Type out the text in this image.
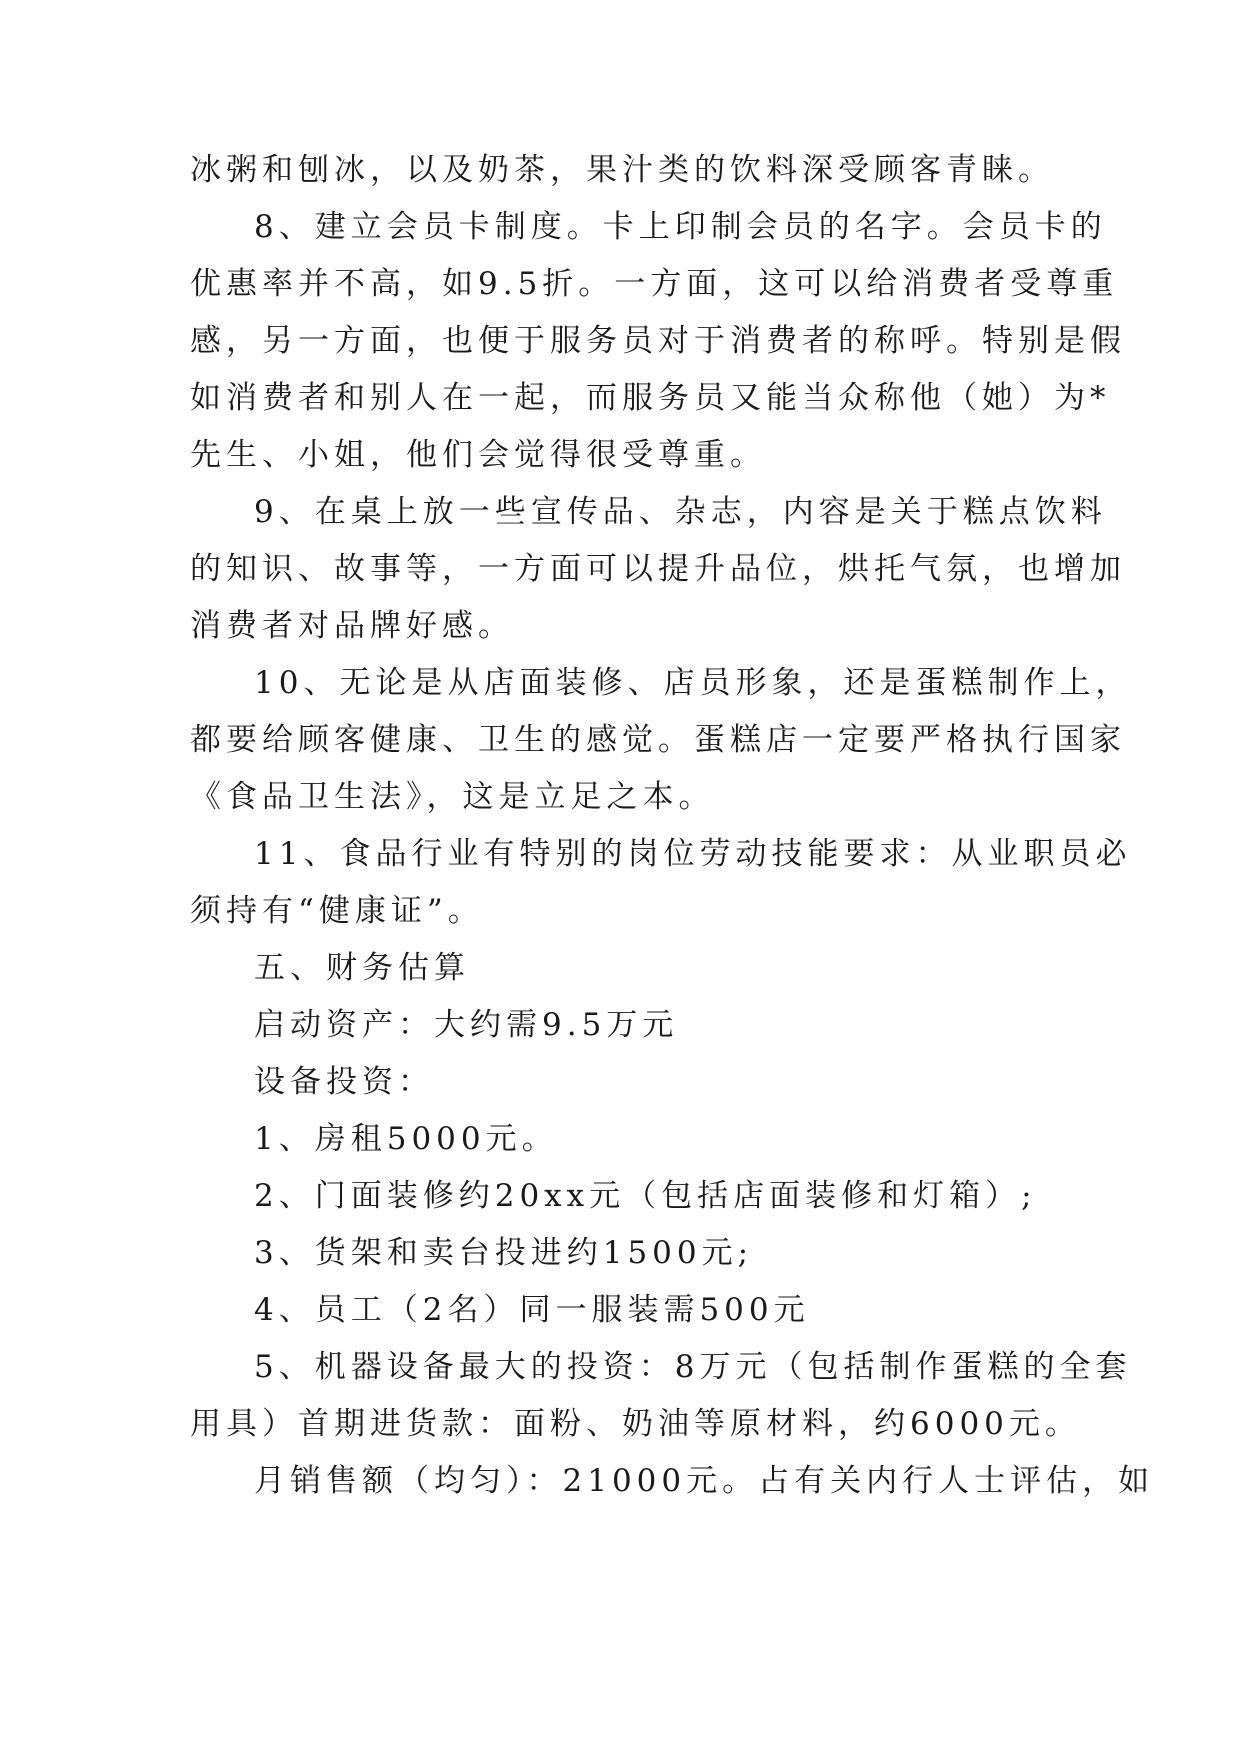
冰粥和刨冰，以及奶茶，果汁类的饮料深受顾客青睐。

8、建立会员卡制度。卡上印制会员的名字。会员卡的

优惠率并不高，如9.5折。一方面，这可以给消费者受尊重

感，另一方面，也便于服务员对于消费者的称呼。特别是假

如消费者和别人在一起，而服务员又能当众称他（她）为*

先生、小姐，他们会觉得很受尊重。

9、在桌上放一些宣传品、杂志，内容是关于糕点饮料

的知识、故事等，一方面可以提升品位，烘托气氛，也增加

消费者对品牌好感。

10、无论是从店面装修、店员形象，还是蛋糕制作上，

都要给顾客健康、卫生的感觉。蛋糕店一定要严格执行国家

《食品卫生法》，这是立足之本。

11、食品行业有特别的岗位劳动技能要求：从业职员必

须持有“健康证”。

五、财务估算

启动资产：大约需9.5万元

设备投资：

1、房租5000元。

2、门面装修约20xx元（包括店面装修和灯箱）;

3、货架和卖台投进约1500元;

4、员工（2名）同一服装需500元

5、机器设备最大的投资：8万元（包括制作蛋糕的全套

用具）首期进货款：面粉、奶油等原材料，约6000元。

月销售额（均匀）：21000元。占有关内行人士评估，如
